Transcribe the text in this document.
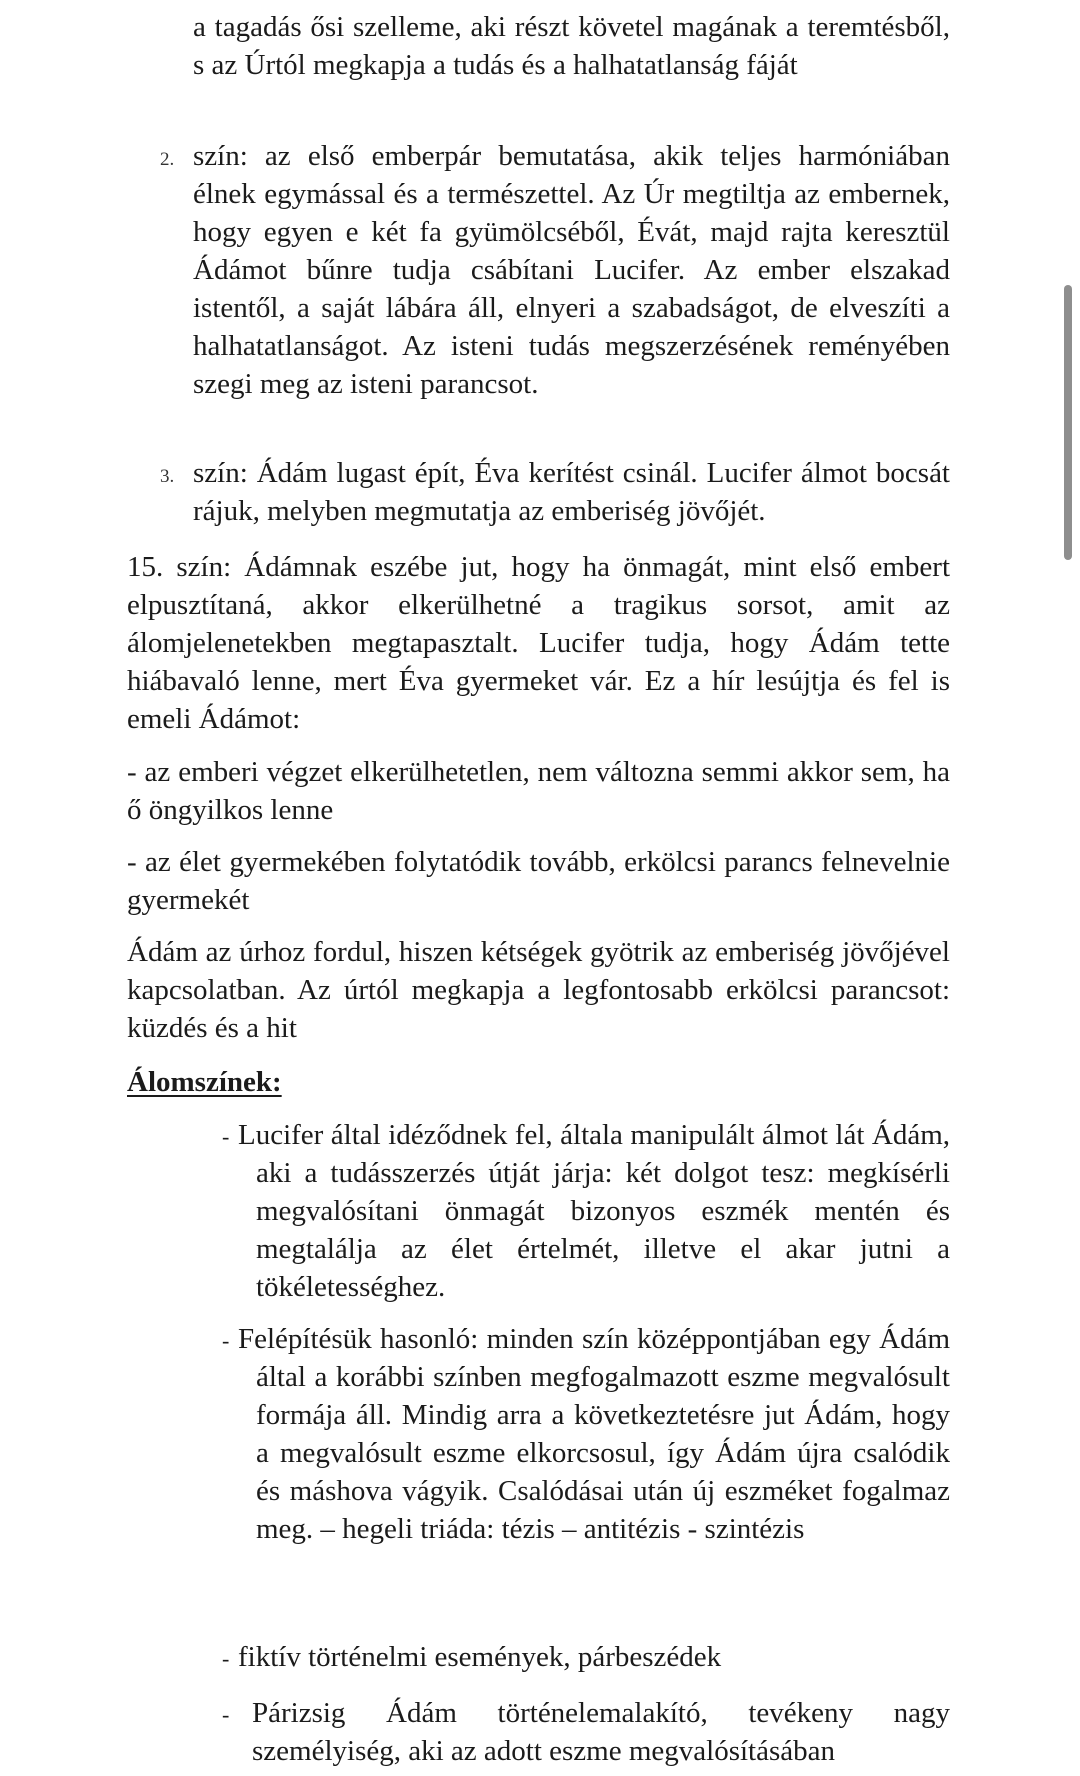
a tagadás ősi szelleme, aki részt követel magának a teremtésből, s az Úrtól megkapja a tudás és a halhatatlanság fáját

2. szín: az első emberpár bemutatása, akik teljes harmóniában élnek egymással és a természettel. Az Úr megtiltja az embernek, hogy egyen e két fa gyümölcséből, Évát, majd rajta keresztül Ádámot bűnre tudja csábítani Lucifer. Az ember elszakad istentől, a saját lábára áll, elnyeri a szabadságot, de elveszíti a halhatatlanságot. Az isteni tudás megszerzésének reményében szegi meg az isteni parancsot.

3. szín: Ádám lugast épít, Éva kerítést csinál. Lucifer álmot bocsát rájuk, melyben megmutatja az emberiség jövőjét.

15. szín: Ádámnak eszébe jut, hogy ha önmagát, mint első embert elpusztítaná, akkor elkerülhetné a tragikus sorsot, amit az álomjelenetekben megtapasztalt. Lucifer tudja, hogy Ádám tette hiábavaló lenne, mert Éva gyermeket vár. Ez a hír lesújtja és fel is emeli Ádámot:

- az emberi végzet elkerülhetetlen, nem változna semmi akkor sem, ha ő öngyilkos lenne

- az élet gyermekében folytatódik tovább, erkölcsi parancs felnevelnie gyermekét

Ádám az úrhoz fordul, hiszen kétségek gyötrik az emberiség jövőjével kapcsolatban. Az úrtól megkapja a legfontosabb erkölcsi parancsot: küzdés és a hit

Álomszínek:
- Lucifer által idéződnek fel, általa manipulált álmot lát Ádám, aki a tudásszerzés útját járja: két dolgot tesz: megkísérli megvalósítani önmagát bizonyos eszmék mentén és megtalálja az élet értelmét, illetve el akar jutni a tökéletességhez.

- Felépítésük hasonló: minden szín középpontjában egy Ádám által a korábbi színben megfogalmazott eszme megvalósult formája áll. Mindig arra a következtetésre jut Ádám, hogy a megvalósult eszme elkorcsosul, így Ádám újra csalódik és máshova vágyik. Csalódásai után új eszméket fogalmaz meg. – hegeli triáda: tézis – antitézis - szintézis

- fiktív történelmi események, párbeszédek

- Párizsig Ádám történelemalakító, tevékeny nagy személyiség, aki az adott eszme megvalósításában
